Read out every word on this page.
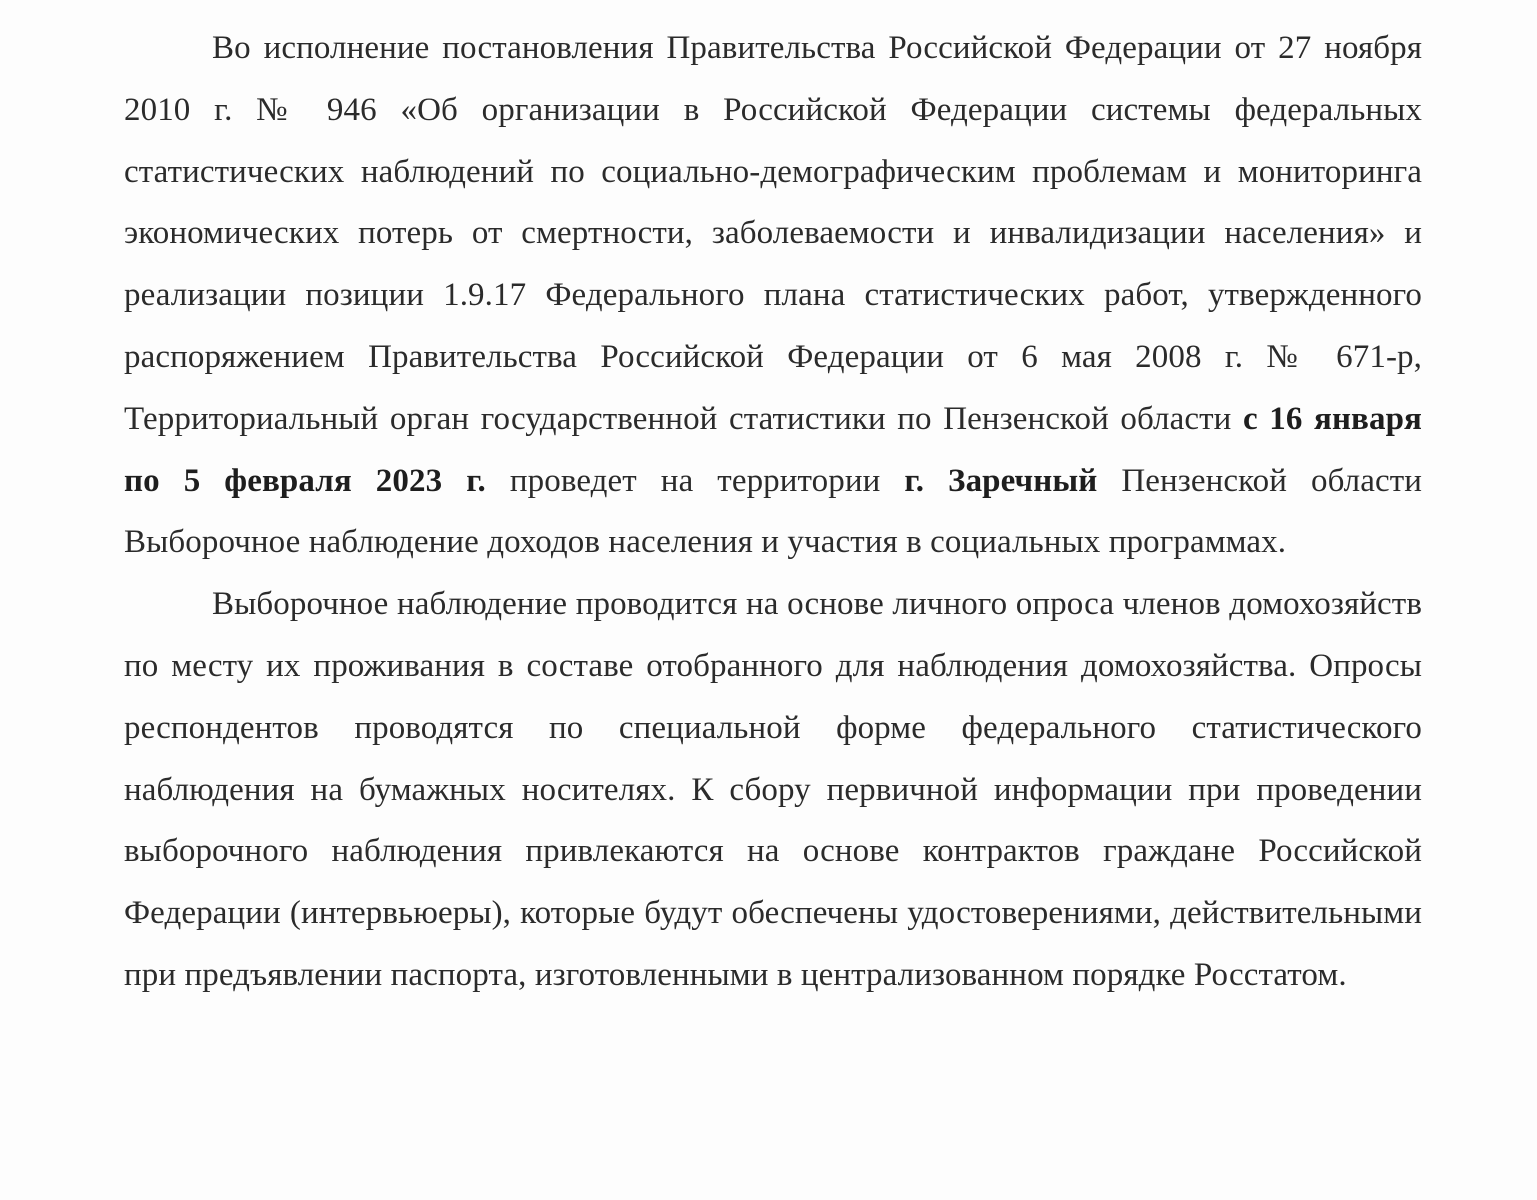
Во исполнение постановления Правительства Российской Федерации от 27 ноября 2010 г. № 946 «Об организации в Российской Федерации системы федеральных статистических наблюдений по социально-демографическим проблемам и мониторинга экономических потерь от смертности, заболеваемости и инвалидизации населения» и реализации позиции 1.9.17 Федерального плана статистических работ, утвержденного распоряжением Правительства Российской Федерации от 6 мая 2008 г. № 671-р, Территориальный орган государственной статистики по Пензенской области с 16 января по 5 февраля 2023 г. проведет на территории г. Заречный Пензенской области Выборочное наблюдение доходов населения и участия в социальных программах.

Выборочное наблюдение проводится на основе личного опроса членов домохозяйств по месту их проживания в составе отобранного для наблюдения домохозяйства. Опросы респондентов проводятся по специальной форме федерального статистического наблюдения на бумажных носителях. К сбору первичной информации при проведении выборочного наблюдения привлекаются на основе контрактов граждане Российской Федерации (интервьюеры), которые будут обеспечены удостоверениями, действительными при предъявлении паспорта, изготовленными в централизованном порядке Росстатом.
